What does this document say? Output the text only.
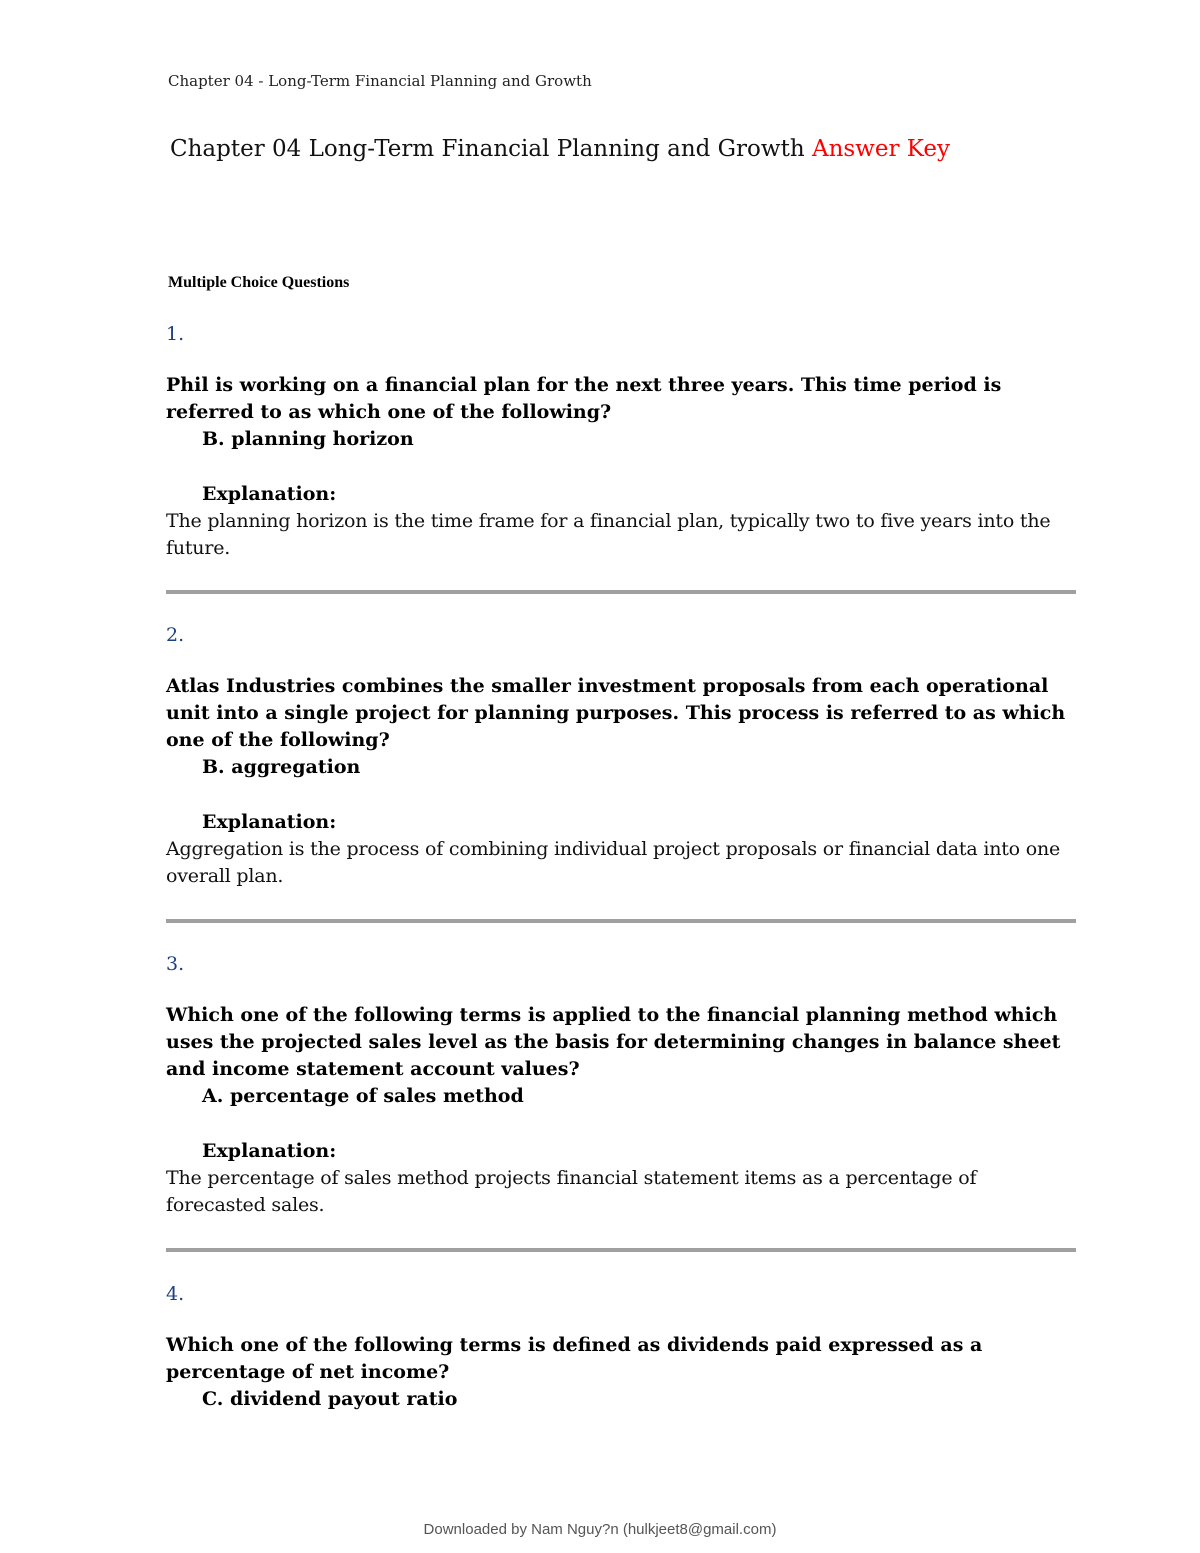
Chapter 04 - Long-Term Financial Planning and Growth
Chapter 04 Long-Term Financial Planning and Growth Answer Key
Multiple Choice Questions
1.
Phil is working on a financial plan for the next three years. This time period is referred to as which one of the following?
B. planning horizon
Explanation:
The planning horizon is the time frame for a financial plan, typically two to five years into the future.
2.
Atlas Industries combines the smaller investment proposals from each operational unit into a single project for planning purposes. This process is referred to as which one of the following?
B. aggregation
Explanation:
Aggregation is the process of combining individual project proposals or financial data into one overall plan.
3.
Which one of the following terms is applied to the financial planning method which uses the projected sales level as the basis for determining changes in balance sheet and income statement account values?
A. percentage of sales method
Explanation:
The percentage of sales method projects financial statement items as a percentage of forecasted sales.
4.
Which one of the following terms is defined as dividends paid expressed as a percentage of net income?
C. dividend payout ratio
Downloaded by Nam Nguy?n (hulkjeet8@gmail.com)
